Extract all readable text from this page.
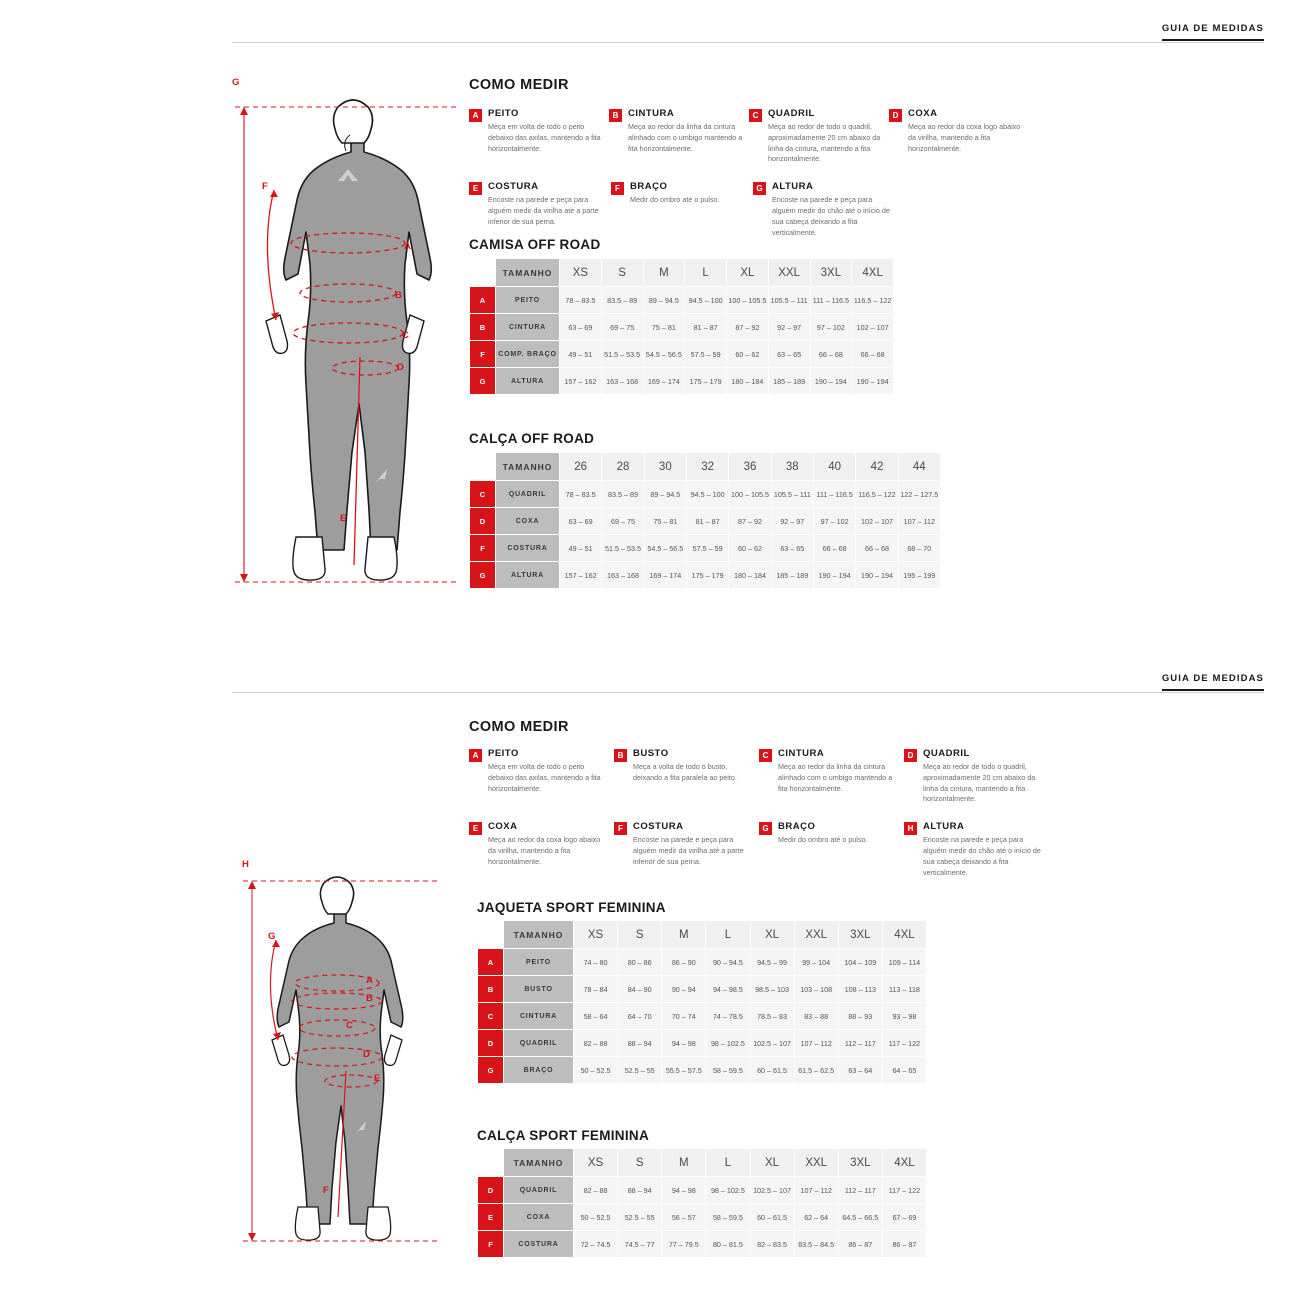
GUIA DE MEDIDAS
COMO MEDIR
A	PEITO
Meça em volta de todo o peito debaixo das axilas, mantendo a fita horizontalmente.
B	CINTURA
Meça ao redor da linha da cintura alinhado com o umbigo mantendo a fita horizontalmente.
C	QUADRIL
Meça ao redor de todo o quadril, aproximadamente 20 cm abaixo da linha da cintura, mantendo a fita horizontalmente.
D	COXA
Meça ao redor da coxa logo abaixo da virilha, mantendo a fita horizontalmente.
E	COSTURA
Encoste na parede e peça para alguém medir da virilha até a parte inferior de sua perna.
F	BRAÇO
Medir do ombro até o pulso.
G ALTURA
Encoste na parede e peça para alguém medir do chão até o início de sua cabeça deixando a fita verticalmente.
G
F
A
B
C
D
E
CAMISA OFF ROAD
	TAMANHO	XS	S	M	L	XL	XXL	3XL	4XL
A	PEITO	78 – 83.5	83.5 – 89	89 – 94.5	94.5 – 100	100 – 105.5	105.5 – 111	111 – 116.5	116.5 – 122
B	CINTURA	63 – 69	69 – 75	75 – 81	81 – 87	87 – 92	92 – 97	97 – 102	102 – 107
F	COMP. BRAÇO	49 – 51	51.5 – 53.5	54.5 – 56.5	57.5 – 59	60 – 62	63 – 65	66 – 68	66 – 68
G	ALTURA	157 – 162	163 – 168	169 – 174	175 – 179	180 – 184	185 – 189	190 – 194	190 – 194
CALÇA OFF ROAD
	TAMANHO	26	28	30	32	36	38	40	42	44
C	QUADRIL	78 – 83.5	83.5 – 89	89 – 94.5	94.5 – 100	100 – 105.5	105.5 – 111	111 – 116.5	116.5 – 122	122 – 127.5
D	COXA	63 – 69	69 – 75	75 – 81	81 – 87	87 – 92	92 – 97	97 – 102	102 – 107	107 – 112
F	COSTURA	49 – 51	51.5 – 53.5	54.5 – 56.5	57.5 – 59	60 – 62	63 – 65	66 – 68	66 – 68	68 – 70
G	ALTURA	157 – 162	163 – 168	169 – 174	175 – 179	180 – 184	185 – 189	190 – 194	190 – 194	195 – 199
GUIA DE MEDIDAS
COMO MEDIR
A	PEITO
Meça em volta de todo o peito debaixo das axilas, mantendo a fita horizontalmente.
B	BUSTO
Meça a volta de todo o busto, deixando a fita paralela ao peito.
C	CINTURA
Meça ao redor da linha da cintura alinhado com o umbigo mantendo a fita horizontalmente.
D	QUADRIL
Meça ao redor de todo o quadril, aproximadamente 20 cm abaixo da linha da cintura, mantendo a fita horizontalmente.
E	COXA
Meça ao redor da coxa logo abaixo da virilha, mantendo a fita horizontalmente.
F	COSTURA
Encoste na parede e peça para alguém medir da virilha até a parte inferior de sua perna.
G BRAÇO
Medir do ombro até o pulso.
H	ALTURA
Encoste na parede e peça para alguém medir do chão até o início de sua cabeça deixando a fita verticalmente.
H
G
A
B
C
D
E
F
JAQUETA SPORT FEMININA
	TAMANHO	XS	S	M	L	XL	XXL	3XL	4XL
A	PEITO	74 – 80	80 – 86	86 – 90	90 – 94.5	94.5 – 99	99 – 104	104 – 109	109 – 114
B	BUSTO	78 – 84	84 – 90	90 – 94	94 – 98.5	98.5 – 103	103 – 108	108 – 113	113 – 118
C	CINTURA	58 – 64	64 – 70	70 – 74	74 – 78.5	78.5 – 83	83 – 88	88 – 93	93 – 98
D	QUADRIL	82 – 88	88 – 94	94 – 98	98 – 102.5	102.5 – 107	107 – 112	112 – 117	117 – 122
G	BRAÇO	50 – 52.5	52.5 – 55	55.5 – 57.5	58 – 59.5	60 – 61.5	61.5 – 62.5	63 – 64	64 – 65
CALÇA SPORT FEMININA
	TAMANHO	XS	S	M	L	XL	XXL	3XL	4XL
D	QUADRIL	82 – 88	88 – 94	94 – 98	98 – 102.5	102.5 – 107	107 – 112	112 – 117	117 – 122
E	COXA	50 – 52.5	52.5 – 55	56 – 57	58 – 59.5	60 – 61.5	62 – 64	64.5 – 66.5	67 – 69
F	COSTURA	72 – 74.5	74.5 – 77	77 – 79.5	80 – 81.5	82 – 83.5	83.5 – 84.5	86 – 87	86 – 87
